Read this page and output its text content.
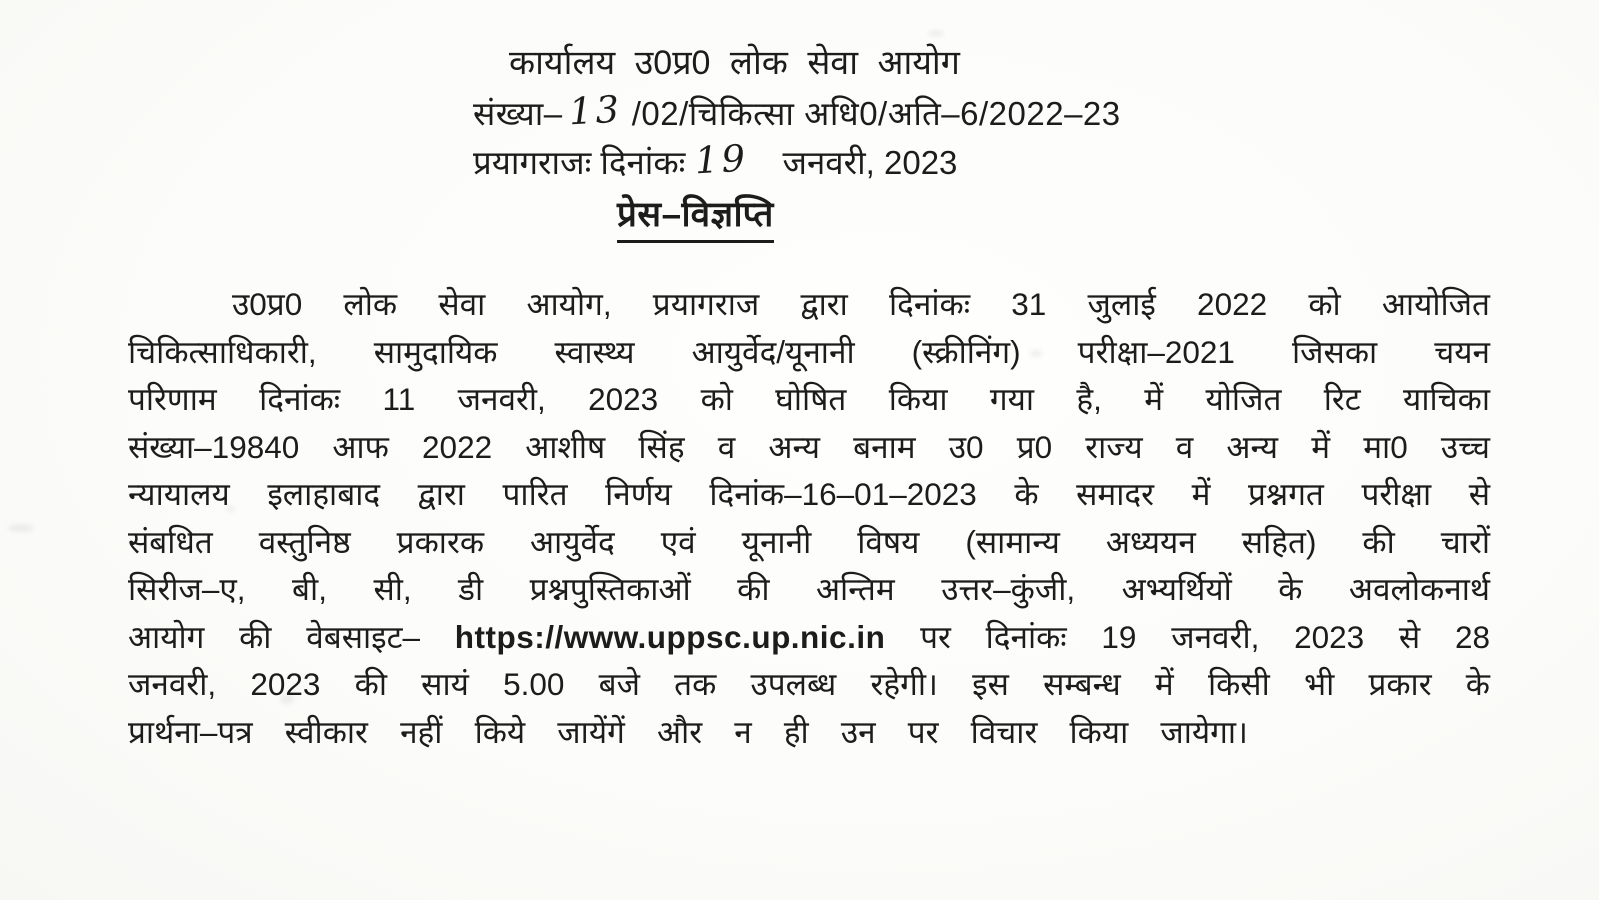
कार्यालय उ0प्र0 लोक सेवा आयोग
संख्या– 13 /02/चिकित्सा अधि0/अति–6/2022–23
प्रयागराजः दिनांकः 19 जनवरी, 2023
प्रेस–विज्ञप्ति
उ0प्र0 लोक सेवा आयोग, प्रयागराज द्वारा दिनांकः 31 जुलाई 2022 को आयोजित
चिकित्साधिकारी, सामुदायिक स्वास्थ्य आयुर्वेद/यूनानी (स्क्रीनिंग) परीक्षा–2021 जिसका चयन
परिणाम दिनांकः 11 जनवरी, 2023 को घोषित किया गया है, में योजित रिट याचिका
संख्या–19840 आफ 2022 आशीष सिंह व अन्य बनाम उ0 प्र0 राज्य व अन्य में मा0 उच्च
न्यायालय इलाहाबाद द्वारा पारित निर्णय दिनांक–16–01–2023 के समादर में प्रश्नगत परीक्षा से
संबधित वस्तुनिष्ठ प्रकारक आयुर्वेद एवं यूनानी विषय (सामान्य अध्ययन सहित) की चारों
सिरीज–ए, बी, सी, डी प्रश्नपुस्तिकाओं की अन्तिम उत्तर–कुंजी, अभ्यर्थियों के अवलोकनार्थ
आयोग की वेबसाइट– https://www.uppsc.up.nic.in पर दिनांकः 19 जनवरी, 2023 से 28
जनवरी, 2023 की सायं 5.00 बजे तक उपलब्ध रहेगी। इस सम्बन्ध में किसी भी प्रकार के
प्रार्थना–पत्र स्वीकार नहीं किये जायेंगें और न ही उन पर विचार किया जायेगा।
